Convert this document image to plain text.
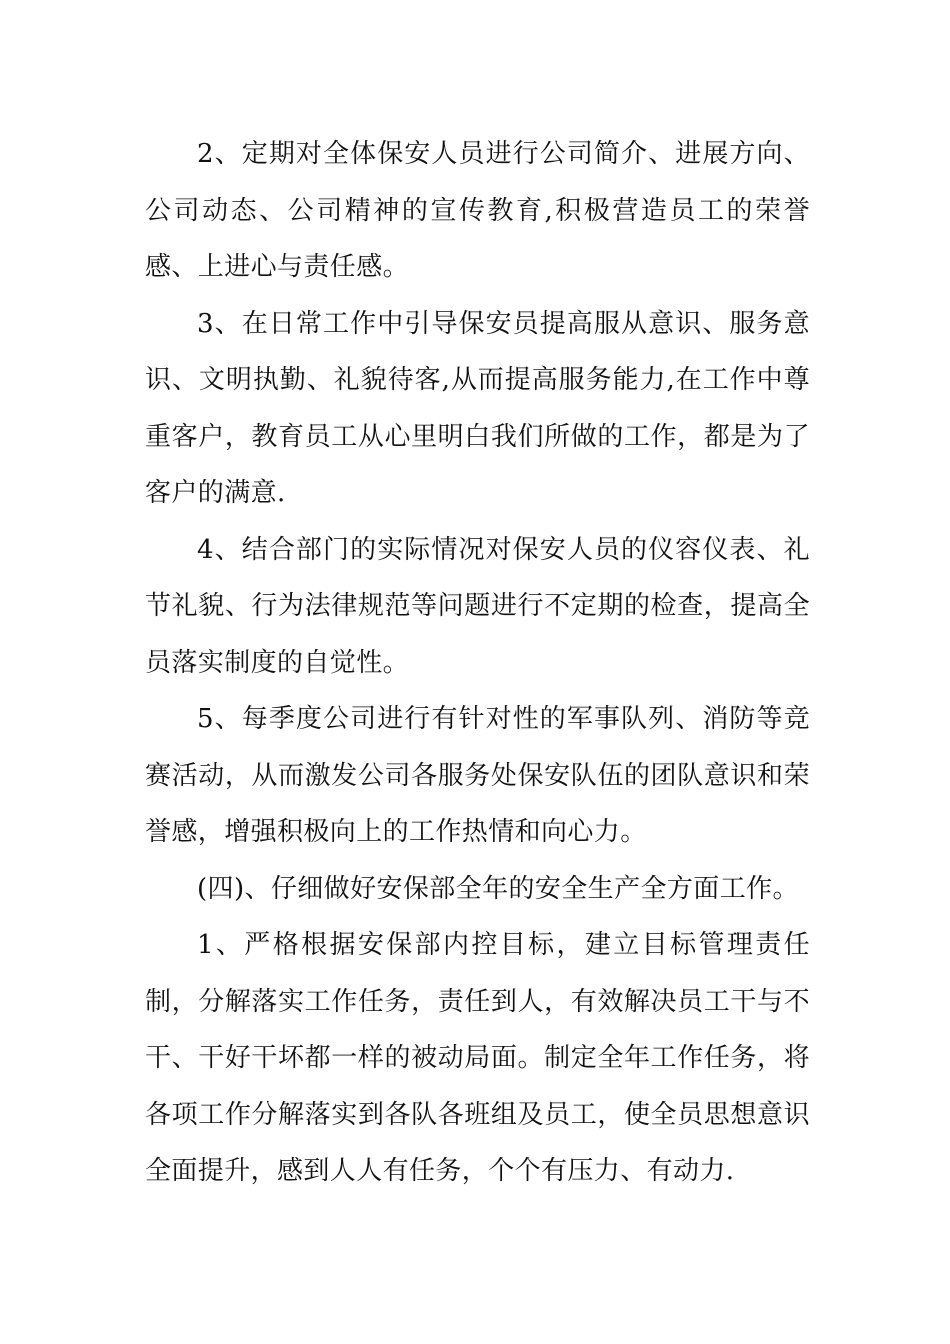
2、定期对全体保安人员进行公司简介、进展方向、公司动态、公司精神的宣传教育,积极营造员工的荣誉感、上进心与责任感。

3、在日常工作中引导保安员提高服从意识、服务意识、文明执勤、礼貌待客,从而提高服务能力,在工作中尊重客户，教育员工从心里明白我们所做的工作，都是为了客户的满意.

4、结合部门的实际情况对保安人员的仪容仪表、礼节礼貌、行为法律规范等问题进行不定期的检查，提高全员落实制度的自觉性。

5、每季度公司进行有针对性的军事队列、消防等竞赛活动，从而激发公司各服务处保安队伍的团队意识和荣誉感，增强积极向上的工作热情和向心力。

(四)、仔细做好安保部全年的安全生产全方面工作。

1、严格根据安保部内控目标，建立目标管理责任制，分解落实工作任务，责任到人，有效解决员工干与不干、干好干坏都一样的被动局面。制定全年工作任务，将各项工作分解落实到各队各班组及员工，使全员思想意识全面提升，感到人人有任务，个个有压力、有动力.
